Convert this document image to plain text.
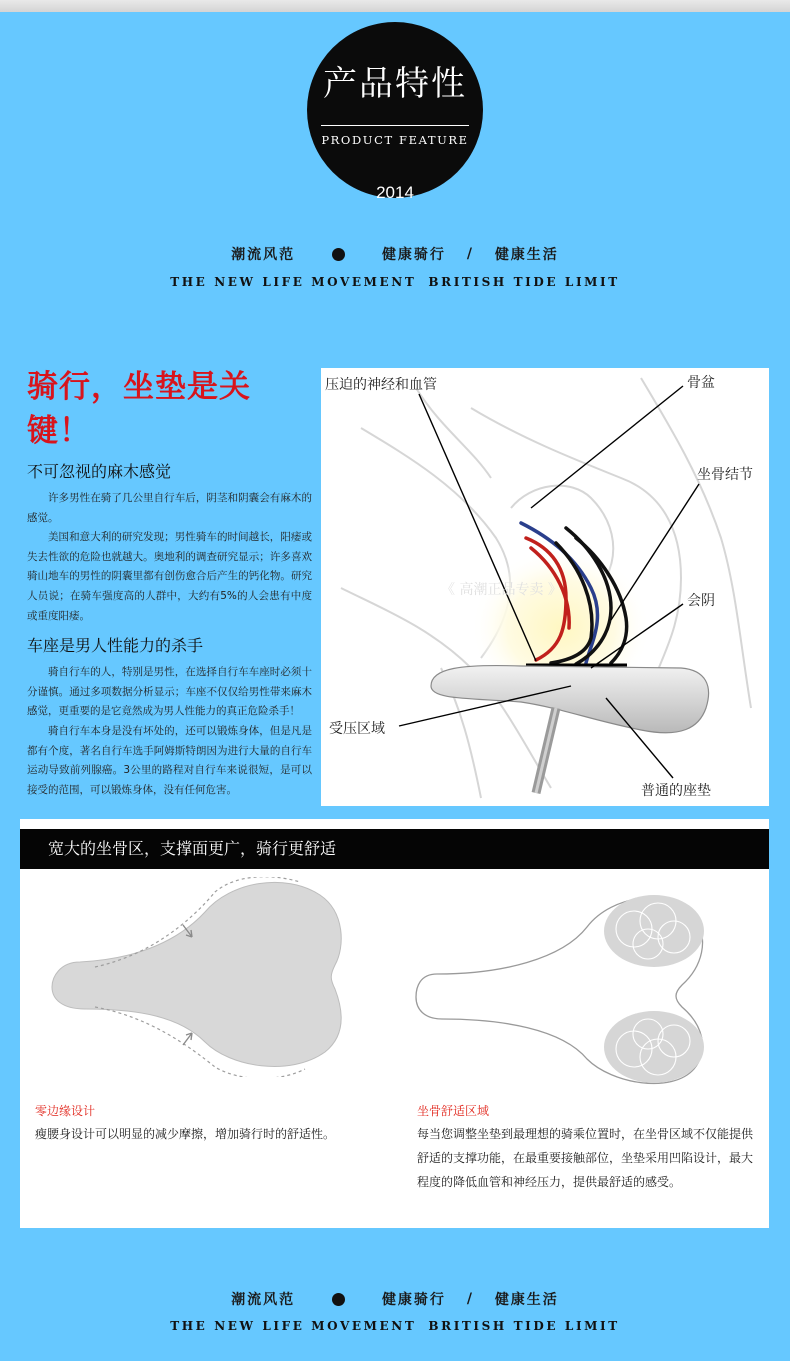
产品特性
PRODUCT FEATURE
2014
潮流风范	健康骑行 / 健康生活
THE NEW LIFE MOVEMENT BRITISH TIDE LIMIT
骑行，坐垫是关键！
不可忽视的麻木感觉

许多男性在骑了几公里自行车后，阴茎和阴囊会有麻木的感觉。

美国和意大利的研究发现；男性骑车的时间越长，阳痿或失去性欲的危险也就越大。奥地利的调查研究显示；许多喜欢骑山地车的男性的阴囊里都有创伤愈合后产生的钙化物。研究人员说；在骑车强度高的人群中，大约有5%的人会患有中度或重度阳痿。

车座是男人性能力的杀手

骑自行车的人，特别是男性，在选择自行车车座时必须十分谨慎。通过多项数据分析显示；车座不仅仅给男性带来麻木感觉，更重要的是它竟然成为男人性能力的真正危险杀手！

骑自行车本身是没有坏处的，还可以锻炼身体，但是凡是都有个度，著名自行车选手阿姆斯特朗因为进行大量的自行车运动导致前列腺癌。3公里的路程对自行车来说很短，是可以接受的范围，可以锻炼身体，没有任何危害。

《 高潮正品专卖 》
压迫的神经和血管	骨盆
坐骨结节
会阴
受压区域
普通的座垫
宽大的坐骨区，支撑面更广，骑行更舒适
零边缘设计
瘦腰身设计可以明显的减少摩擦，增加骑行时的舒适性。
坐骨舒适区域
每当您调整坐垫到最理想的骑乘位置时，在坐骨区域不仅能提供舒适的支撑功能，在最重要接触部位，坐垫采用凹陷设计，最大程度的降低血管和神经压力，提供最舒适的感受。
潮流风范	健康骑行 / 健康生活
THE NEW LIFE MOVEMENT BRITISH TIDE LIMIT
